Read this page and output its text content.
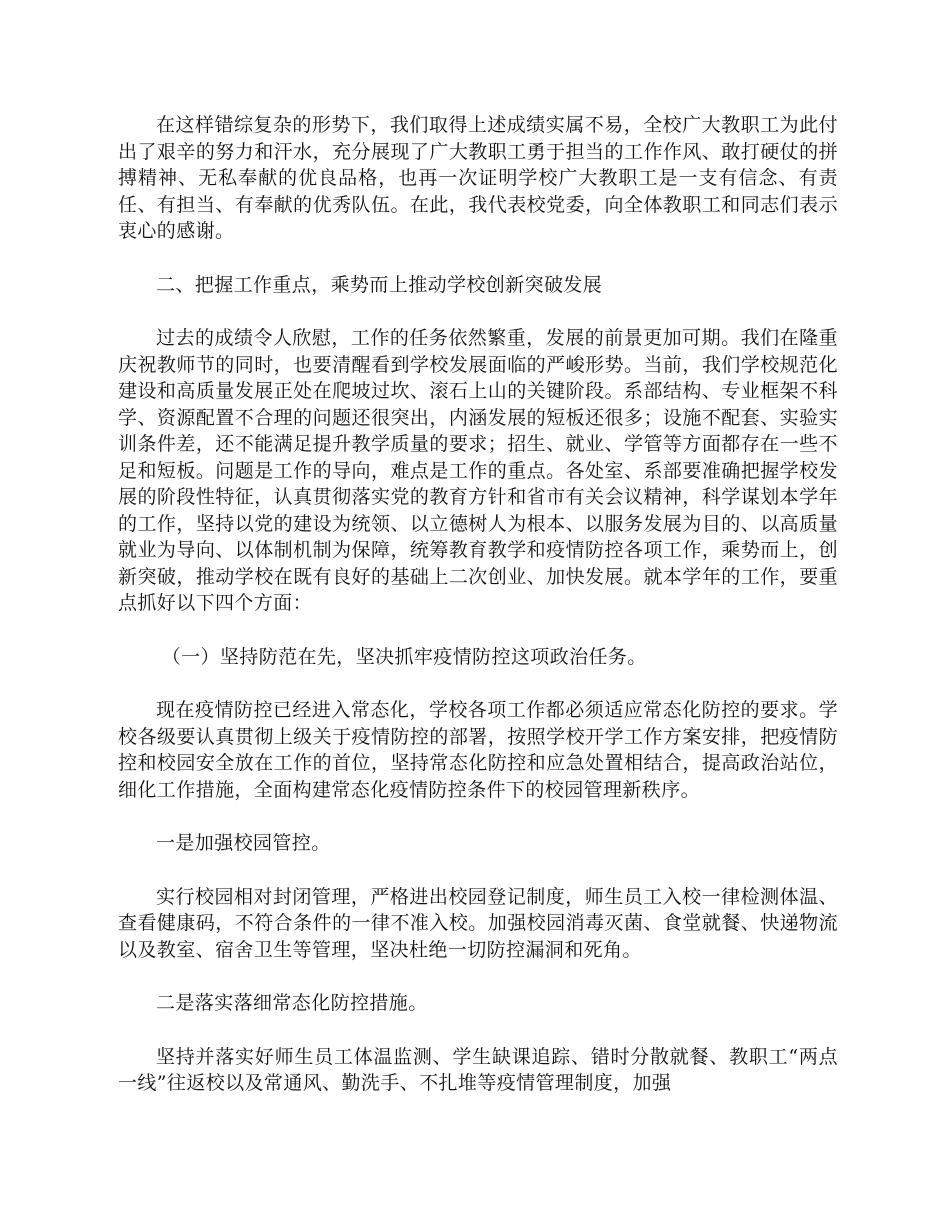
在这样错综复杂的形势下，我们取得上述成绩实属不易，全校广大教职工为此付出了艰辛的努力和汗水，充分展现了广大教职工勇于担当的工作作风、敢打硬仗的拼搏精神、无私奉献的优良品格，也再一次证明学校广大教职工是一支有信念、有责任、有担当、有奉献的优秀队伍。在此，我代表校党委，向全体教职工和同志们表示衷心的感谢。

二、把握工作重点，乘势而上推动学校创新突破发展

过去的成绩令人欣慰，工作的任务依然繁重，发展的前景更加可期。我们在隆重庆祝教师节的同时，也要清醒看到学校发展面临的严峻形势。当前，我们学校规范化建设和高质量发展正处在爬坡过坎、滚石上山的关键阶段。系部结构、专业框架不科学、资源配置不合理的问题还很突出，内涵发展的短板还很多；设施不配套、实验实训条件差，还不能满足提升教学质量的要求；招生、就业、学管等方面都存在一些不足和短板。问题是工作的导向，难点是工作的重点。各处室、系部要准确把握学校发展的阶段性特征，认真贯彻落实党的教育方针和省市有关会议精神，科学谋划本学年的工作，坚持以党的建设为统领、以立德树人为根本、以服务发展为目的、以高质量就业为导向、以体制机制为保障，统筹教育教学和疫情防控各项工作，乘势而上，创新突破，推动学校在既有良好的基础上二次创业、加快发展。就本学年的工作，要重点抓好以下四个方面：

（一）坚持防范在先，坚决抓牢疫情防控这项政治任务。

现在疫情防控已经进入常态化，学校各项工作都必须适应常态化防控的要求。学校各级要认真贯彻上级关于疫情防控的部署，按照学校开学工作方案安排，把疫情防控和校园安全放在工作的首位，坚持常态化防控和应急处置相结合，提高政治站位，细化工作措施，全面构建常态化疫情防控条件下的校园管理新秩序。

一是加强校园管控。

实行校园相对封闭管理，严格进出校园登记制度，师生员工入校一律检测体温、查看健康码，不符合条件的一律不准入校。加强校园消毒灭菌、食堂就餐、快递物流以及教室、宿舍卫生等管理，坚决杜绝一切防控漏洞和死角。

二是落实落细常态化防控措施。

坚持并落实好师生员工体温监测、学生缺课追踪、错时分散就餐、教职工“两点一线”往返校以及常通风、勤洗手、不扎堆等疫情管理制度，加强
